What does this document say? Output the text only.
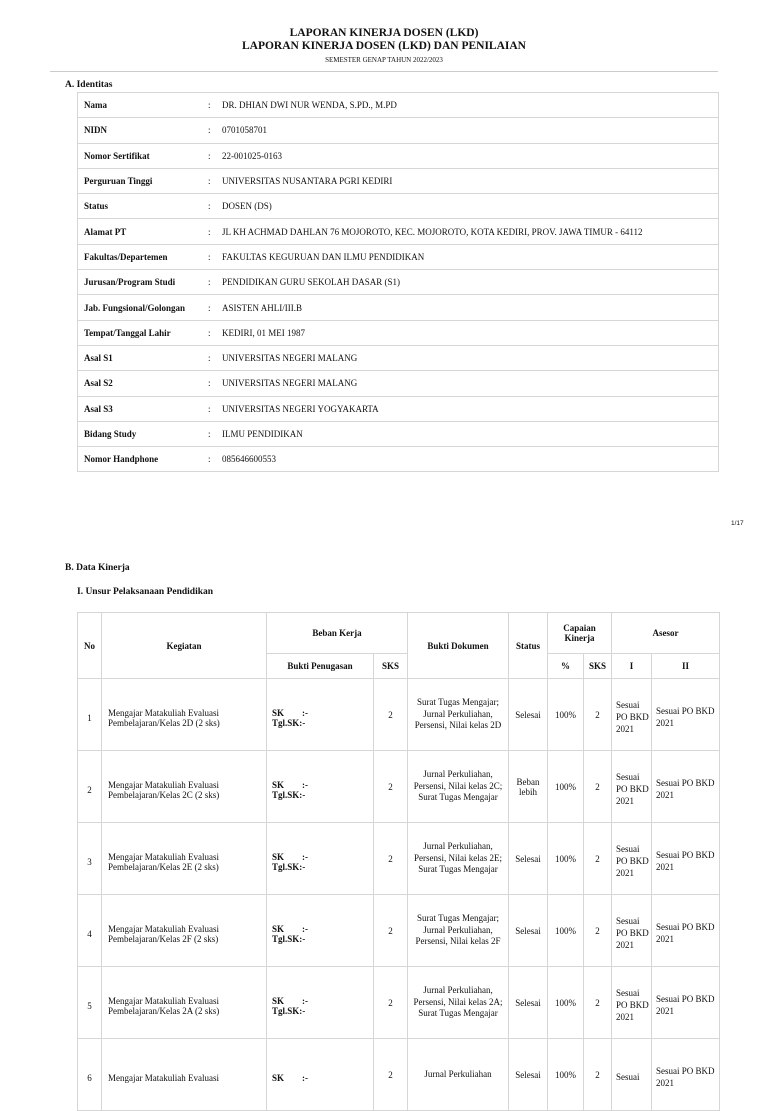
LAPORAN KINERJA DOSEN (LKD)
LAPORAN KINERJA DOSEN (LKD) DAN PENILAIAN
SEMESTER GENAP TAHUN 2022/2023
A. Identitas
Nama	:	DR. DHIAN DWI NUR WENDA, S.PD., M.PD
NIDN	:	0701058701
Nomor Sertifikat	:	22-001025-0163
Perguruan Tinggi	:	UNIVERSITAS NUSANTARA PGRI KEDIRI
Status	:	DOSEN (DS)
Alamat PT	:	JL KH ACHMAD DAHLAN 76 MOJOROTO, KEC. MOJOROTO, KOTA KEDIRI, PROV. JAWA TIMUR - 64112
Fakultas/Departemen	:	FAKULTAS KEGURUAN DAN ILMU PENDIDIKAN
Jurusan/Program Studi	:	PENDIDIKAN GURU SEKOLAH DASAR (S1)
Jab. Fungsional/Golongan	:	ASISTEN AHLI/III.B
Tempat/Tanggal Lahir	:	KEDIRI, 01 MEI 1987
Asal S1	:	UNIVERSITAS NEGERI MALANG
Asal S2	:	UNIVERSITAS NEGERI MALANG
Asal S3	:	UNIVERSITAS NEGERI YOGYAKARTA
Bidang Study	:	ILMU PENDIDIKAN
Nomor Handphone	:	085646600553
1/17
B. Data Kinerja
I. Unsur Pelaksanaan Pendidikan
No	Kegiatan	Beban Kerja		Bukti Dokumen	Status	Capaian Kinerja		Asesor	
		Bukti Penugasan	SKS			%	SKS	I	II
1	Mengajar Matakuliah Evaluasi Pembelajaran/Kelas 2D (2 sks)	SK :-
Tgl.SK:-	2	Surat Tugas Mengajar; Jurnal Perkuliahan, Persensi, Nilai kelas 2D	Selesai	100%	2	Sesuai PO BKD 2021	Sesuai PO BKD 2021
2	Mengajar Matakuliah Evaluasi Pembelajaran/Kelas 2C (2 sks)	SK :-
Tgl.SK:-	2	Jurnal Perkuliahan, Persensi, Nilai kelas 2C; Surat Tugas Mengajar	Beban lebih	100%	2	Sesuai PO BKD 2021	Sesuai PO BKD 2021
3	Mengajar Matakuliah Evaluasi Pembelajaran/Kelas 2E (2 sks)	SK :-
Tgl.SK:-	2	Jurnal Perkuliahan, Persensi, Nilai kelas 2E; Surat Tugas Mengajar	Selesai	100%	2	Sesuai PO BKD 2021	Sesuai PO BKD 2021
4	Mengajar Matakuliah Evaluasi Pembelajaran/Kelas 2F (2 sks)	SK :-
Tgl.SK:-	2	Surat Tugas Mengajar; Jurnal Perkuliahan, Persensi, Nilai kelas 2F	Selesai	100%	2	Sesuai PO BKD 2021	Sesuai PO BKD 2021
5	Mengajar Matakuliah Evaluasi Pembelajaran/Kelas 2A (2 sks)	SK :-
Tgl.SK:-	2	Jurnal Perkuliahan, Persensi, Nilai kelas 2A; Surat Tugas Mengajar	Selesai	100%	2	Sesuai PO BKD 2021	Sesuai PO BKD 2021
6	Mengajar Matakuliah Evaluasi	SK :-	2	Jurnal Perkuliahan	Selesai	100%	2	Sesuai	Sesuai PO BKD 2021
